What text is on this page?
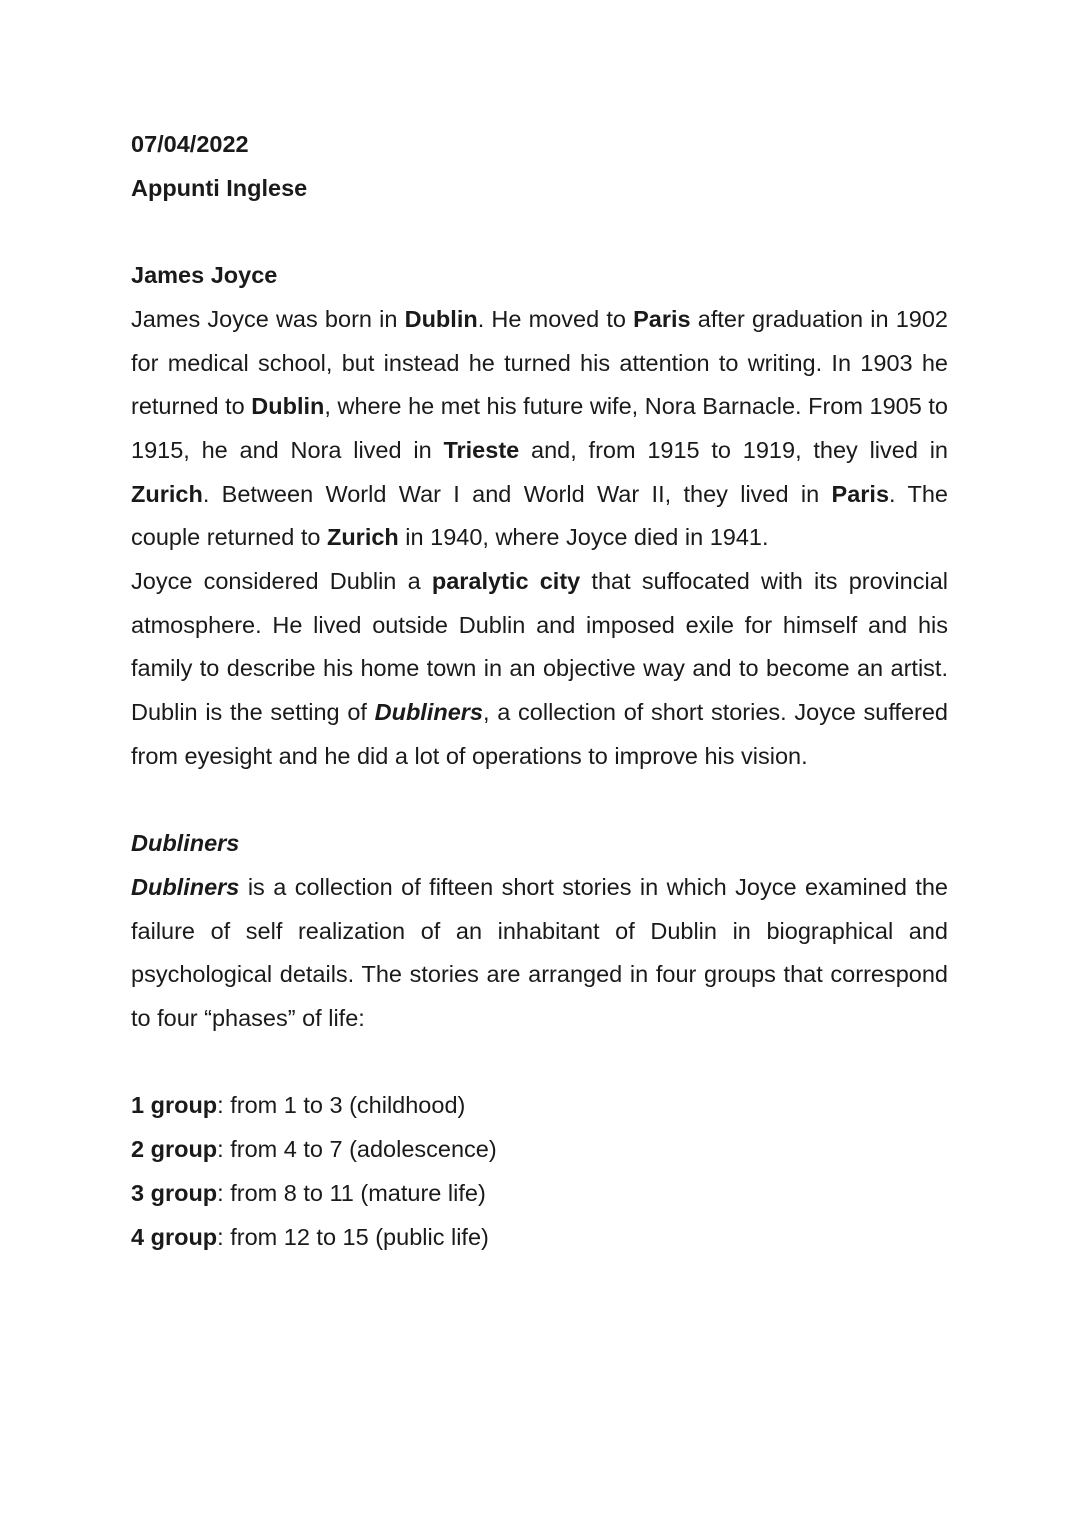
07/04/2022
Appunti Inglese
James Joyce

James Joyce was born in Dublin. He moved to Paris after graduation in 1902 for medical school, but instead he turned his attention to writing. In 1903 he returned to Dublin, where he met his future wife, Nora Barnacle. From 1905 to 1915, he and Nora lived in Trieste and, from 1915 to 1919, they lived in Zurich. Between World War I and World War II, they lived in Paris. The couple returned to Zurich in 1940, where Joyce died in 1941.

Joyce considered Dublin a paralytic city that suffocated with its provincial atmosphere. He lived outside Dublin and imposed exile for himself and his family to describe his home town in an objective way and to become an artist. Dublin is the setting of Dubliners, a collection of short stories. Joyce suffered from eyesight and he did a lot of operations to improve his vision.

Dubliners

Dubliners is a collection of fifteen short stories in which Joyce examined the failure of self realization of an inhabitant of Dublin in biographical and psychological details. The stories are arranged in four groups that correspond to four “phases” of life:

1 group: from 1 to 3 (childhood)
2 group: from 4 to 7 (adolescence)
3 group: from 8 to 11 (mature life)
4 group: from 12 to 15 (public life)
